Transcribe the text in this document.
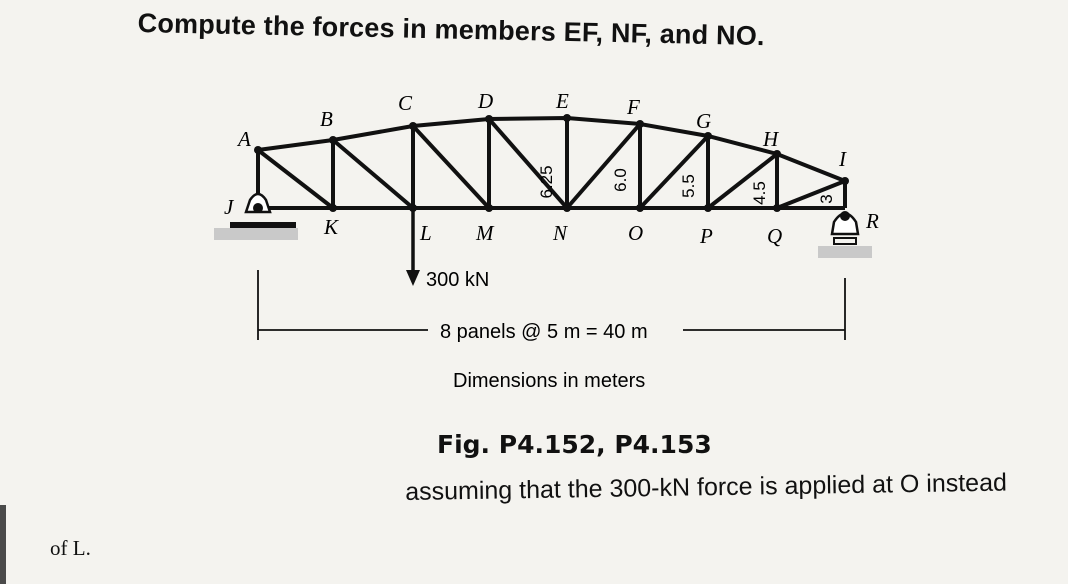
Compute the forces in members EF, NF, and NO.
A
B
C	D	E	F
G
H
I
J
K	L M	N	O	P	Q
R
6.25	6.0	5.5	4.5	3
300 kN
8 panels @ 5 m = 40 m
Dimensions in meters
Fig. P4.152, P4.153
assuming that the 300-kN force is applied at O instead
of L.
